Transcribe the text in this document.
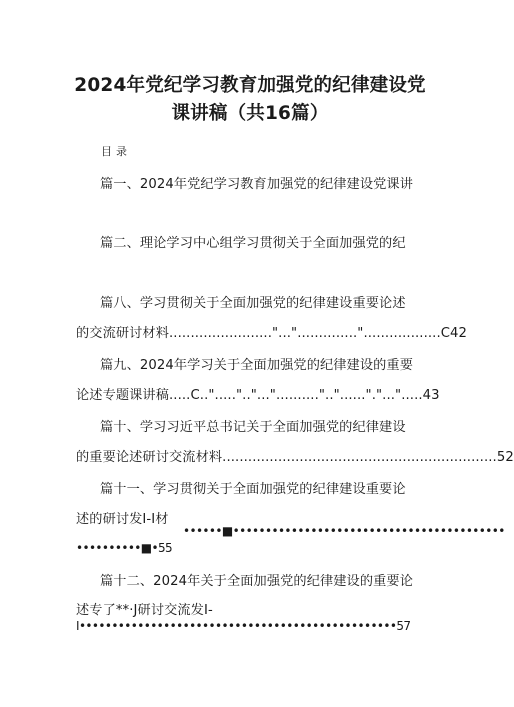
2024年党纪学习教育加强党的纪律建设党
课讲稿（共16篇）
目录
篇一、2024年党纪学习教育加强党的纪律建设党课讲
篇二、理论学习中心组学习贯彻关于全面加强党的纪
篇八、学习贯彻关于全面加强党的纪律建设重要论述
的交流研讨材料........................"...".............."..................C42
篇九、2024年学习关于全面加强党的纪律建设的重要
论述专题课讲稿.....C..".....".."..."..........".."......"."...".....43
篇十、学习习近平总书记关于全面加强党的纪律建设
的重要论述研讨交流材料................................................................52
篇十一、学习贯彻关于全面加强党的纪律建设重要论
述的研讨发I-I材
••••••■••••••••••••••••••••••••••••••••••••••••••
••••••••••■•55
篇十二、2024年关于全面加强党的纪律建设的重要论
述专了**·J研讨交流发I-
I•••••••••••••••••••••••••••••••••••••••••••••••••57
